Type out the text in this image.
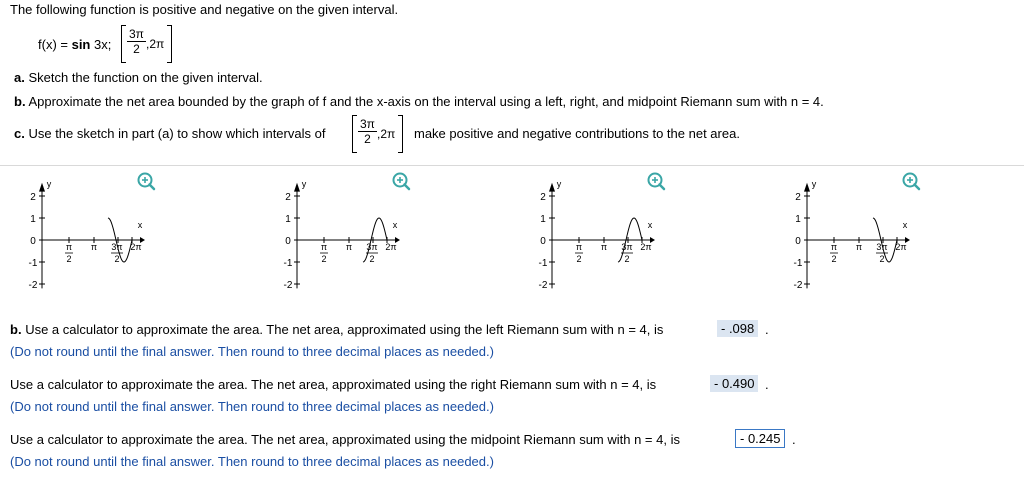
The following function is positive and negative on the given interval.
f(x) = sin 3x; $\frac{3\pi}{2} ,2\pi$
a. Sketch the function on the given interval.
b. Approximate the net area bounded by the graph of f and the x-axis on the interval using a left, right, and midpoint Riemann sum with n = 4.
c. Use the sketch in part (a) to show which intervals of	$\frac{3\pi}{2} ,2\pi$ make positive and negative contributions to the net area.
y
x
2
1
0
-1
-2
π
2
π 3π
2
2π
y
x
2
1
0
-1
-2
π
2
π 3π
2
2π
y
x
2
1
0
-1
-2
π
2
π 3π
2
2π
y
x
2
1
0
-1
-2
π
2
π 3π
2
2π
b. Use a calculator to approximate the area. The net area, approximated using the left Riemann sum with n = 4, is	- .098 .
(Do not round until the final answer. Then round to three decimal places as needed.)
Use a calculator to approximate the area. The net area, approximated using the right Riemann sum with n = 4, is	- 0.490 .
(Do not round until the final answer. Then round to three decimal places as needed.)
Use a calculator to approximate the area. The net area, approximated using the midpoint Riemann sum with n = 4, is	- 0.245 .
(Do not round until the final answer. Then round to three decimal places as needed.)
